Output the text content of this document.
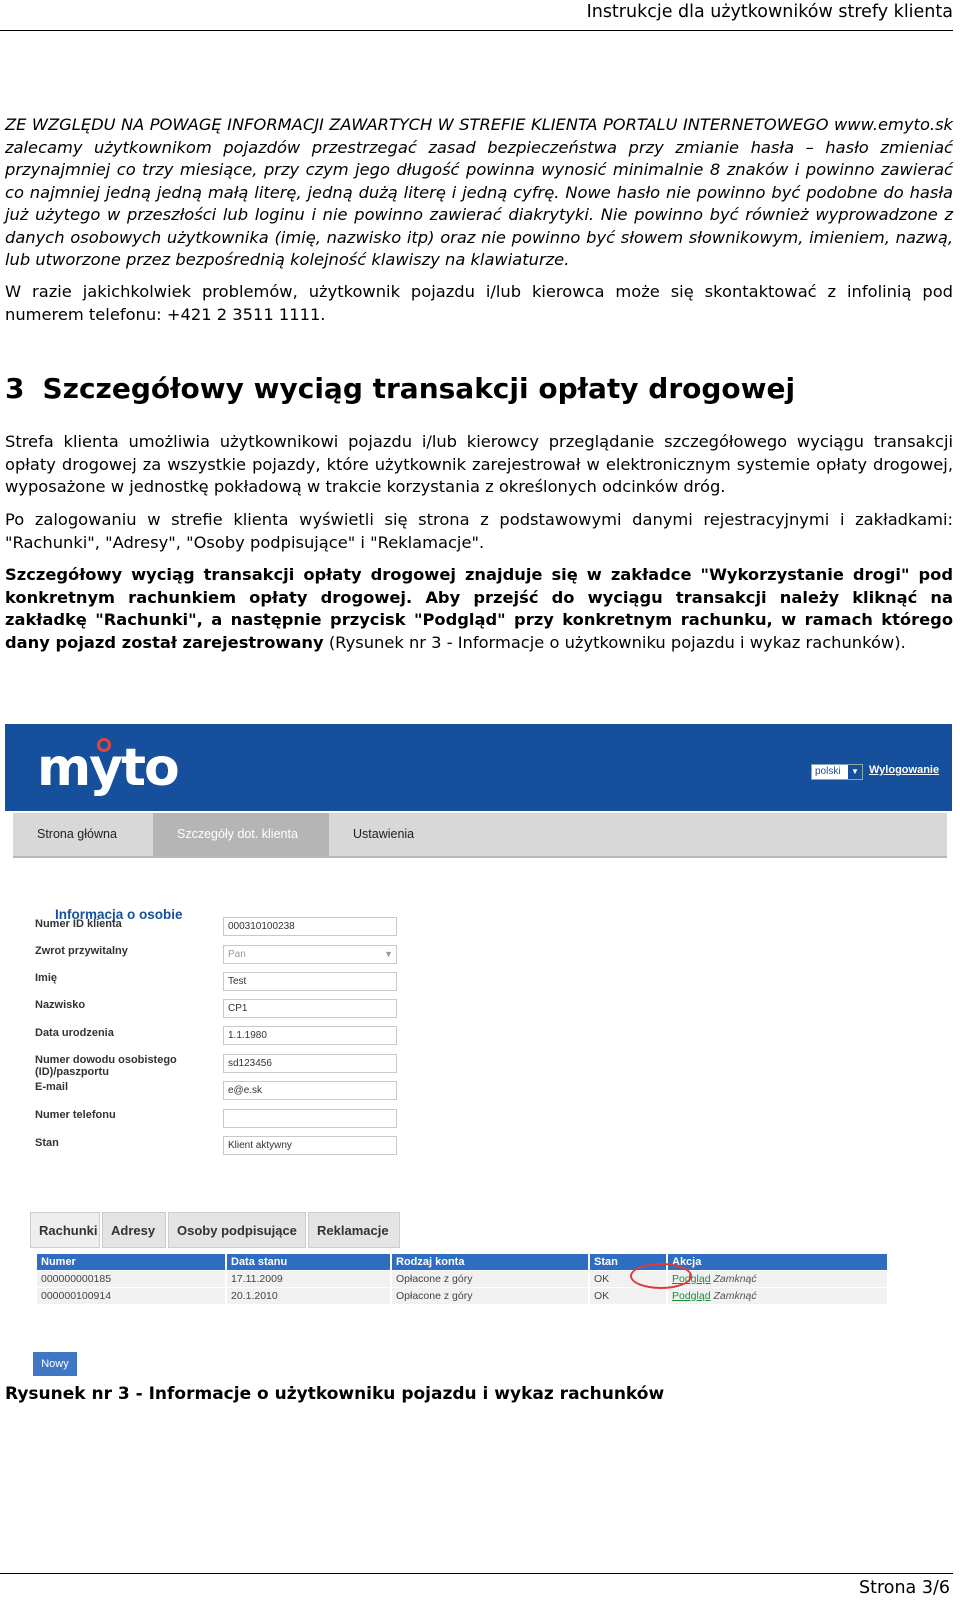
Instrukcje dla użytkowników strefy klienta

ZE WZGLĘDU NA POWAGĘ INFORMACJI ZAWARTYCH W STREFIE KLIENTA PORTALU INTERNETOWEGO www.emyto.sk zalecamy użytkownikom pojazdów przestrzegać zasad bezpieczeństwa przy zmianie hasła – hasło zmieniać przynajmniej co trzy miesiące, przy czym jego długość powinna wynosić minimalnie 8 znaków i powinno zawierać co najmniej jedną jedną małą literę, jedną dużą literę i jedną cyfrę. Nowe hasło nie powinno być podobne do hasła już użytego w przeszłości lub loginu i nie powinno zawierać diakrytyki. Nie powinno być również wyprowadzone z danych osobowych użytkownika (imię, nazwisko itp) oraz nie powinno być słowem słownikowym, imieniem, nazwą, lub utworzone przez bezpośrednią kolejność klawiszy na klawiaturze.

W razie jakichkolwiek problemów, użytkownik pojazdu i/lub kierowca może się skontaktować z infolinią pod numerem telefonu: +421 2 3511 1111.

3 Szczegółowy wyciąg transakcji opłaty drogowej

Strefa klienta umożliwia użytkownikowi pojazdu i/lub kierowcy przeglądanie szczegółowego wyciągu transakcji opłaty drogowej za wszystkie pojazdy, które użytkownik zarejestrował w elektronicznym systemie opłaty drogowej, wyposażone w jednostkę pokładową w trakcie korzystania z określonych odcinków dróg.

Po zalogowaniu w strefie klienta wyświetli się strona z podstawowymi danymi rejestracyjnymi i zakładkami: "Rachunki", "Adresy", "Osoby podpisujące" i "Reklamacje".

Szczegółowy wyciąg transakcji opłaty drogowej znajduje się w zakładce "Wykorzystanie drogi" pod konkretnym rachunkiem opłaty drogowej. Aby przejść do wyciągu transakcji należy kliknąć na zakładkę "Rachunki", a następnie przycisk "Podgląd" przy konkretnym rachunku, w ramach którego dany pojazd został zarejestrowany (Rysunek nr 3 - Informacje o użytkowniku pojazdu i wykaz rachunków).

myto	polski	▼ Wylogowanie
Strona główna	Szczegóły dot. klienta	Ustawienia
Informacja o osobie
Numer ID klienta	000310100238
Zwrot przywitalny	Pan	▼
Imię	Test
Nazwisko	CP1
Data urodzenia	1.1.1980
Numer dowodu osobistego (ID)/paszportu
sd123456
E-mail	e@e.sk
Numer telefonu
Stan	Klient aktywny
Rachunki	Adresy	Osoby podpisujące	Reklamacje
Numer	Data stanu	Rodzaj konta	Stan	Akcja
000000000185	17.11.2009	Opłacone z góry	OK	Podgląd Zamknąć
000000100914	20.1.2010	Opłacone z góry	OK	Podgląd Zamknąć
Nowy
Rysunek nr 3 - Informacje o użytkowniku pojazdu i wykaz rachunków
Strona 3/6
